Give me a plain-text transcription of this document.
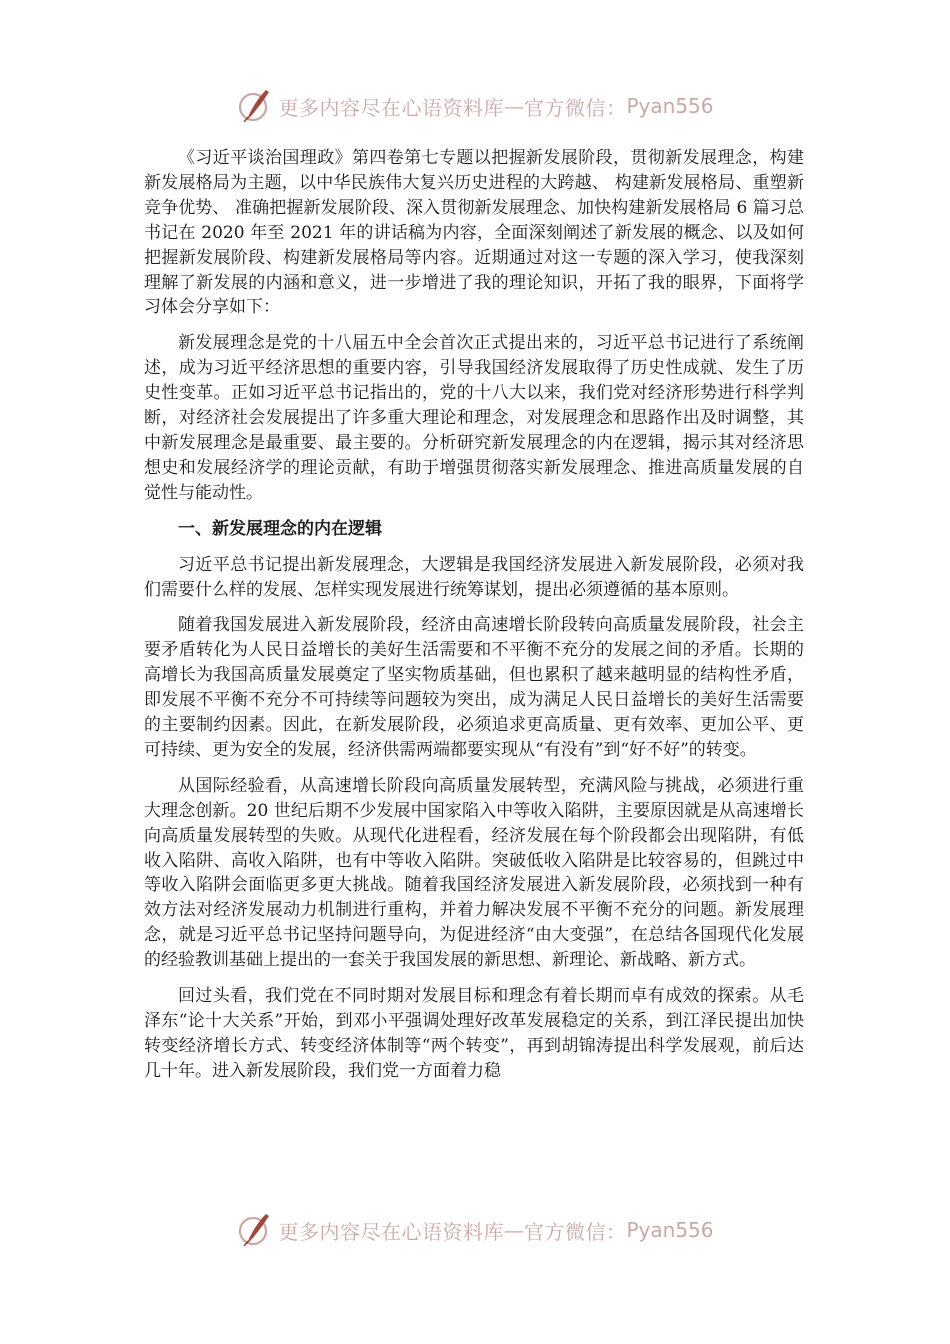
更多内容尽在心语资料库 — 官方微信： Pyan556

《习近平谈治国理政》第四卷第七专题以把握新发展阶段，贯彻新发展理念，构建新发展格局为主题，以中华民族伟大复兴历史进程的大跨越、 构建新发展格局、重塑新竞争优势、 准确把握新发展阶段、深入贯彻新发展理念、加快构建新发展格局 6 篇习总书记在 2020 年至 2021 年的讲话稿为内容，全面深刻阐述了新发展的概念、以及如何把握新发展阶段、构建新发展格局等内容。近期通过对这一专题的深入学习，使我深刻理解了新发展的内涵和意义，进一步增进了我的理论知识，开拓了我的眼界，下面将学习体会分享如下：

新发展理念是党的十八届五中全会首次正式提出来的，习近平总书记进行了系统阐述，成为习近平经济思想的重要内容，引导我国经济发展取得了历史性成就、发生了历史性变革。正如习近平总书记指出的，党的十八大以来，我们党对经济形势进行科学判断，对经济社会发展提出了许多重大理论和理念，对发展理念和思路作出及时调整，其中新发展理念是最重要、最主要的。分析研究新发展理念的内在逻辑，揭示其对经济思想史和发展经济学的理论贡献，有助于增强贯彻落实新发展理念、推进高质量发展的自觉性与能动性。

一、新发展理念的内在逻辑

习近平总书记提出新发展理念，大逻辑是我国经济发展进入新发展阶段，必须对我们需要什么样的发展、怎样实现发展进行统筹谋划，提出必须遵循的基本原则。

随着我国发展进入新发展阶段，经济由高速增长阶段转向高质量发展阶段，社会主要矛盾转化为人民日益增长的美好生活需要和不平衡不充分的发展之间的矛盾。长期的高增长为我国高质量发展奠定了坚实物质基础，但也累积了越来越明显的结构性矛盾，即发展不平衡不充分不可持续等问题较为突出，成为满足人民日益增长的美好生活需要的主要制约因素。因此，在新发展阶段，必须追求更高质量、更有效率、更加公平、更可持续、更为安全的发展，经济供需两端都要实现从“有没有”到“好不好”的转变。

从国际经验看，从高速增长阶段向高质量发展转型，充满风险与挑战，必须进行重大理念创新。20 世纪后期不少发展中国家陷入中等收入陷阱，主要原因就是从高速增长向高质量发展转型的失败。从现代化进程看，经济发展在每个阶段都会出现陷阱，有低收入陷阱、高收入陷阱，也有中等收入陷阱。突破低收入陷阱是比较容易的，但跳过中等收入陷阱会面临更多更大挑战。随着我国经济发展进入新发展阶段，必须找到一种有效方法对经济发展动力机制进行重构，并着力解决发展不平衡不充分的问题。新发展理念，就是习近平总书记坚持问题导向，为促进经济“由大变强”，在总结各国现代化发展的经验教训基础上提出的一套关于我国发展的新思想、新理论、新战略、新方式。

回过头看，我们党在不同时期对发展目标和理念有着长期而卓有成效的探索。从毛泽东“论十大关系”开始，到邓小平强调处理好改革发展稳定的关系，到江泽民提出加快转变经济增长方式、转变经济体制等“两个转变”，再到胡锦涛提出科学发展观，前后达几十年。进入新发展阶段，我们党一方面着力稳

更多内容尽在心语资料库 — 官方微信： Pyan556
